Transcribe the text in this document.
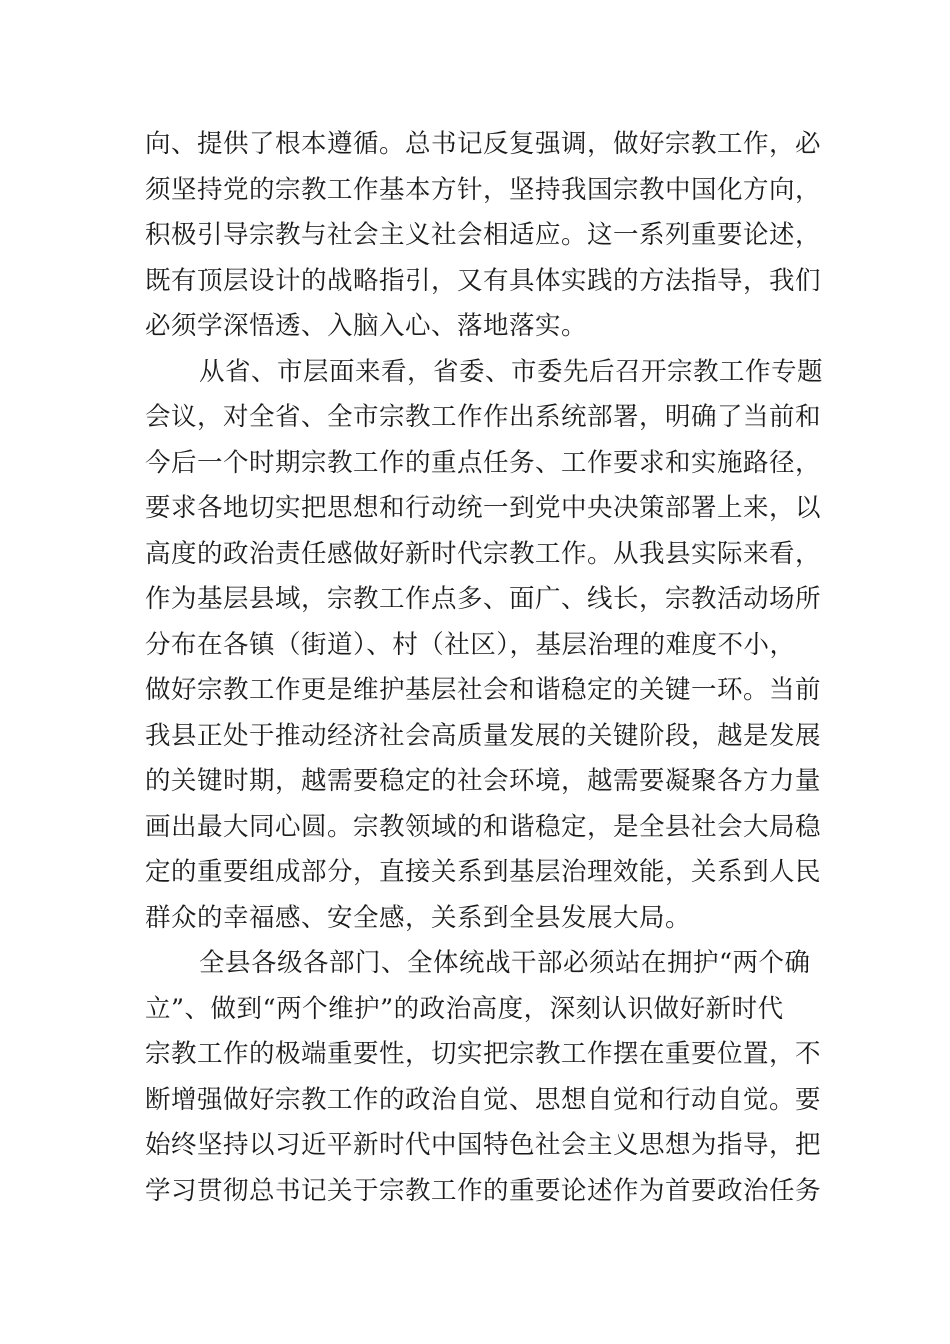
向、提供了根本遵循。总书记反复强调，做好宗教工作，必
须坚持党的宗教工作基本方针，坚持我国宗教中国化方向，
积极引导宗教与社会主义社会相适应。这一系列重要论述，
既有顶层设计的战略指引，又有具体实践的方法指导，我们
必须学深悟透、入脑入心、落地落实。
从省、市层面来看，省委、市委先后召开宗教工作专题
会议，对全省、全市宗教工作作出系统部署，明确了当前和
今后一个时期宗教工作的重点任务、工作要求和实施路径，
要求各地切实把思想和行动统一到党中央决策部署上来，以
高度的政治责任感做好新时代宗教工作。从我县实际来看，
作为基层县域，宗教工作点多、面广、线长，宗教活动场所
分布在各镇（街道）、村（社区），基层治理的难度不小，
做好宗教工作更是维护基层社会和谐稳定的关键一环。当前
我县正处于推动经济社会高质量发展的关键阶段，越是发展
的关键时期，越需要稳定的社会环境，越需要凝聚各方力量
画出最大同心圆。宗教领域的和谐稳定，是全县社会大局稳
定的重要组成部分，直接关系到基层治理效能，关系到人民
群众的幸福感、安全感，关系到全县发展大局。
全县各级各部门、全体统战干部必须站在拥护“两个确
立”、做到“两个维护”的政治高度，深刻认识做好新时代
宗教工作的极端重要性，切实把宗教工作摆在重要位置，不
断增强做好宗教工作的政治自觉、思想自觉和行动自觉。要
始终坚持以习近平新时代中国特色社会主义思想为指导，把
学习贯彻总书记关于宗教工作的重要论述作为首要政治任务
